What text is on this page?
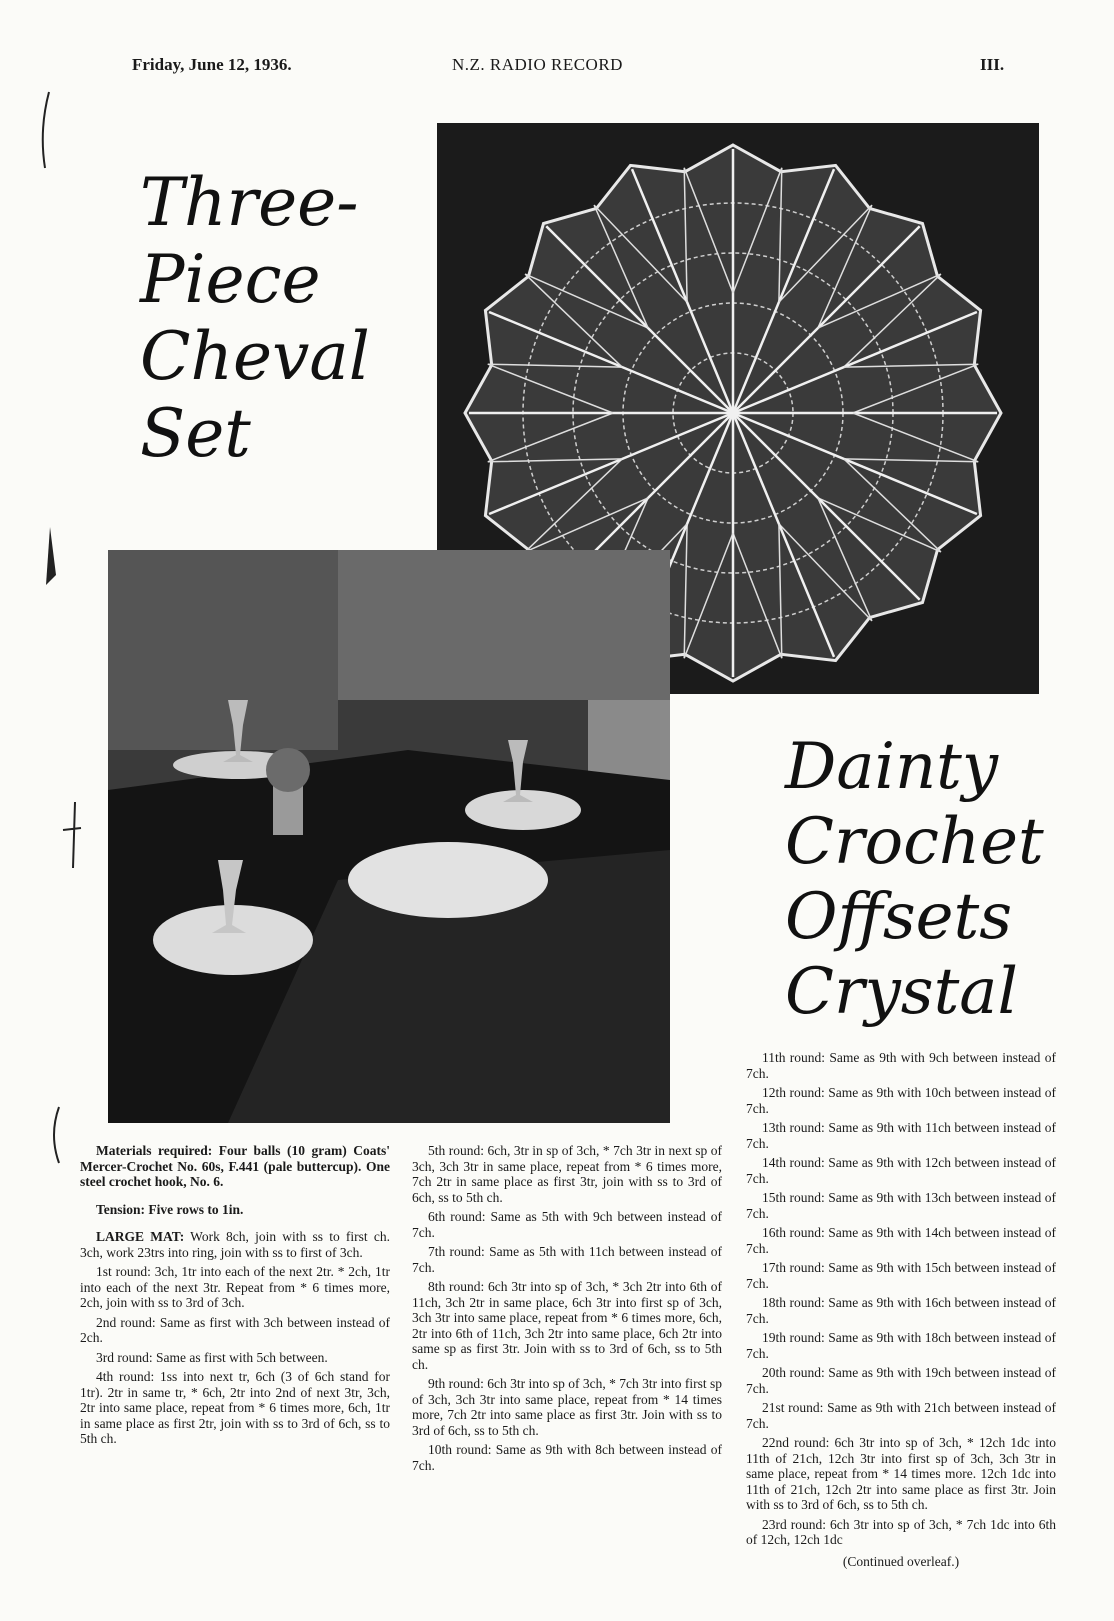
Friday, June 12, 1936.	N.Z. RADIO RECORD	III.
Three-
Piece
Cheval
Set
Dainty
Crochet
Offsets
Crystal

Materials required: Four balls (10 gram) Coats' Mercer-Crochet No. 60s, F.441 (pale buttercup). One steel crochet hook, No. 6.

Tension: Five rows to 1in.

LARGE MAT: Work 8ch, join with ss to first ch. 3ch, work 23trs into ring, join with ss to first of 3ch.

1st round: 3ch, 1tr into each of the next 2tr. * 2ch, 1tr into each of the next 3tr. Repeat from * 6 times more, 2ch, join with ss to 3rd of 3ch.

2nd round: Same as first with 3ch between instead of 2ch.

3rd round: Same as first with 5ch between.

4th round: 1ss into next tr, 6ch (3 of 6ch stand for 1tr). 2tr in same tr, * 6ch, 2tr into 2nd of next 3tr, 3ch, 2tr into same place, repeat from * 6 times more, 6ch, 1tr in same place as first 2tr, join with ss to 3rd of 6ch, ss to 5th ch.

5th round: 6ch, 3tr in sp of 3ch, * 7ch 3tr in next sp of 3ch, 3ch 3tr in same place, repeat from * 6 times more, 7ch 2tr in same place as first 3tr, join with ss to 3rd of 6ch, ss to 5th ch.

6th round: Same as 5th with 9ch between instead of 7ch.

7th round: Same as 5th with 11ch between instead of 7ch.

8th round: 6ch 3tr into sp of 3ch, * 3ch 2tr into 6th of 11ch, 3ch 2tr in same place, 6ch 3tr into first sp of 3ch, 3ch 3tr into same place, repeat from * 6 times more, 6ch, 2tr into 6th of 11ch, 3ch 2tr into same place, 6ch 2tr into same sp as first 3tr. Join with ss to 3rd of 6ch, ss to 5th ch.

9th round: 6ch 3tr into sp of 3ch, * 7ch 3tr into first sp of 3ch, 3ch 3tr into same place, repeat from * 14 times more, 7ch 2tr into same place as first 3tr. Join with ss to 3rd of 6ch, ss to 5th ch.

10th round: Same as 9th with 8ch between instead of 7ch.

11th round: Same as 9th with 9ch between instead of 7ch.

12th round: Same as 9th with 10ch between instead of 7ch.

13th round: Same as 9th with 11ch between instead of 7ch.

14th round: Same as 9th with 12ch between instead of 7ch.

15th round: Same as 9th with 13ch between instead of 7ch.

16th round: Same as 9th with 14ch between instead of 7ch.

17th round: Same as 9th with 15ch between instead of 7ch.

18th round: Same as 9th with 16ch between instead of 7ch.

19th round: Same as 9th with 18ch between instead of 7ch.

20th round: Same as 9th with 19ch between instead of 7ch.

21st round: Same as 9th with 21ch between instead of 7ch.

22nd round: 6ch 3tr into sp of 3ch, * 12ch 1dc into 11th of 21ch, 12ch 3tr into first sp of 3ch, 3ch 3tr in same place, repeat from * 14 times more. 12ch 1dc into 11th of 21ch, 12ch 2tr into same place as first 3tr. Join with ss to 3rd of 6ch, ss to 5th ch.

23rd round: 6ch 3tr into sp of 3ch, * 7ch 1dc into 6th of 12ch, 12ch 1dc

(Continued overleaf.)
